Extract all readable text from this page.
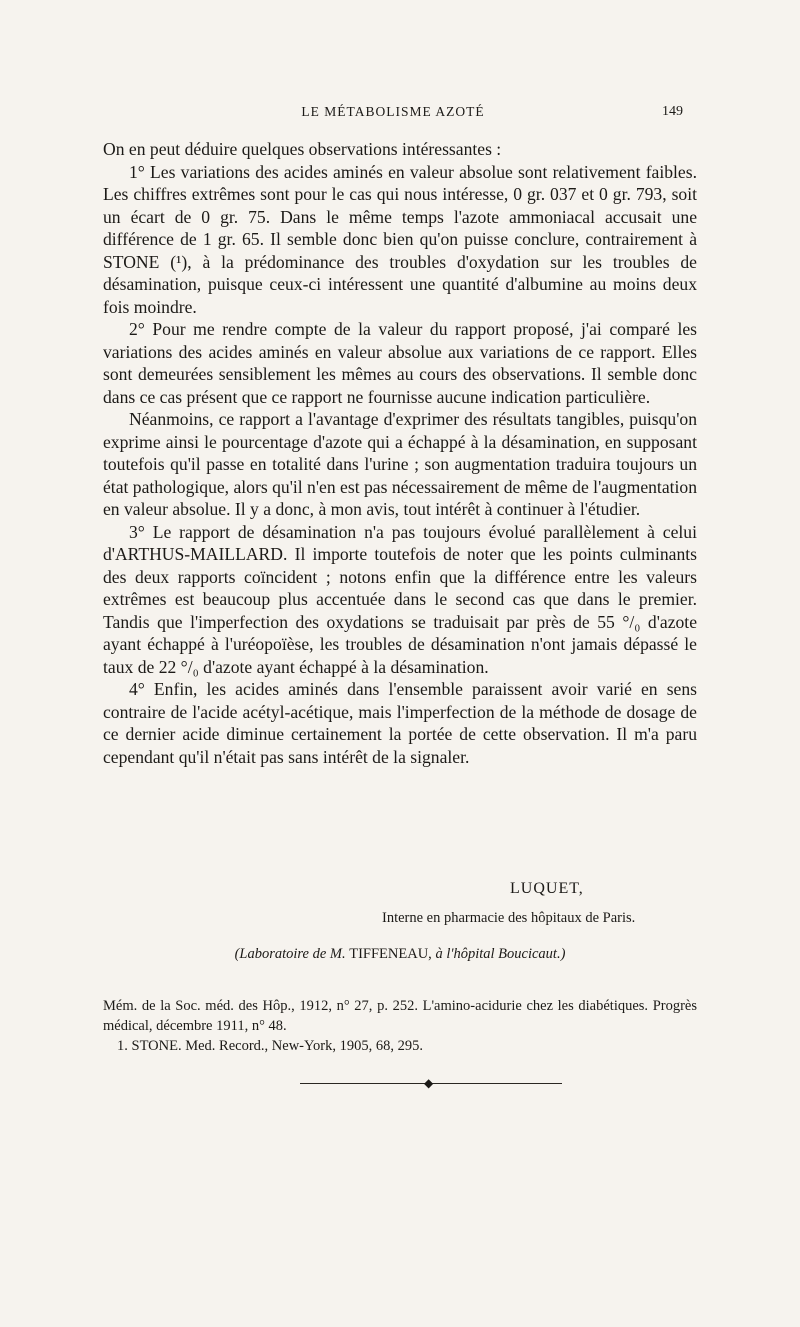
LE MÉTABOLISME AZOTÉ	149

On en peut déduire quelques observations intéressantes :

1° Les variations des acides aminés en valeur absolue sont relativement faibles. Les chiffres extrêmes sont pour le cas qui nous intéresse, 0 gr. 037 et 0 gr. 793, soit un écart de 0 gr. 75. Dans le même temps l'azote ammoniacal accusait une différence de 1 gr. 65. Il semble donc bien qu'on puisse conclure, contrairement à STONE (¹), à la prédominance des troubles d'oxydation sur les troubles de désamination, puisque ceux-ci intéressent une quantité d'albumine au moins deux fois moindre.

2° Pour me rendre compte de la valeur du rapport proposé, j'ai comparé les variations des acides aminés en valeur absolue aux variations de ce rapport. Elles sont demeurées sensiblement les mêmes au cours des observations. Il semble donc dans ce cas présent que ce rapport ne fournisse aucune indication particulière.

Néanmoins, ce rapport a l'avantage d'exprimer des résultats tangibles, puisqu'on exprime ainsi le pourcentage d'azote qui a échappé à la désamination, en supposant toutefois qu'il passe en totalité dans l'urine ; son augmentation traduira toujours un état pathologique, alors qu'il n'en est pas nécessairement de même de l'augmentation en valeur absolue. Il y a donc, à mon avis, tout intérêt à continuer à l'étudier.

3° Le rapport de désamination n'a pas toujours évolué parallèlement à celui d'ARTHUS-MAILLARD. Il importe toutefois de noter que les points culminants des deux rapports coïncident ; notons enfin que la différence entre les valeurs extrêmes est beaucoup plus accentuée dans le second cas que dans le premier. Tandis que l'imperfection des oxydations se traduisait par près de 55 °/₀ d'azote ayant échappé à l'uréopoïèse, les troubles de désamination n'ont jamais dépassé le taux de 22 °/₀ d'azote ayant échappé à la désamination.

4° Enfin, les acides aminés dans l'ensemble paraissent avoir varié en sens contraire de l'acide acétyl-acétique, mais l'imperfection de la méthode de dosage de ce dernier acide diminue certainement la portée de cette observation. Il m'a paru cependant qu'il n'était pas sans intérêt de la signaler.

LUQUET,
Interne en pharmacie des hôpitaux de Paris.
(Laboratoire de M. TIFFENEAU, à l'hôpital Boucicaut.)

Mém. de la Soc. méd. des Hôp., 1912, n° 27, p. 252. L'amino-acidurie chez les diabétiques. Progrès médical, décembre 1911, n° 48.

1. STONE. Med. Record., New-York, 1905, 68, 295.

◆
